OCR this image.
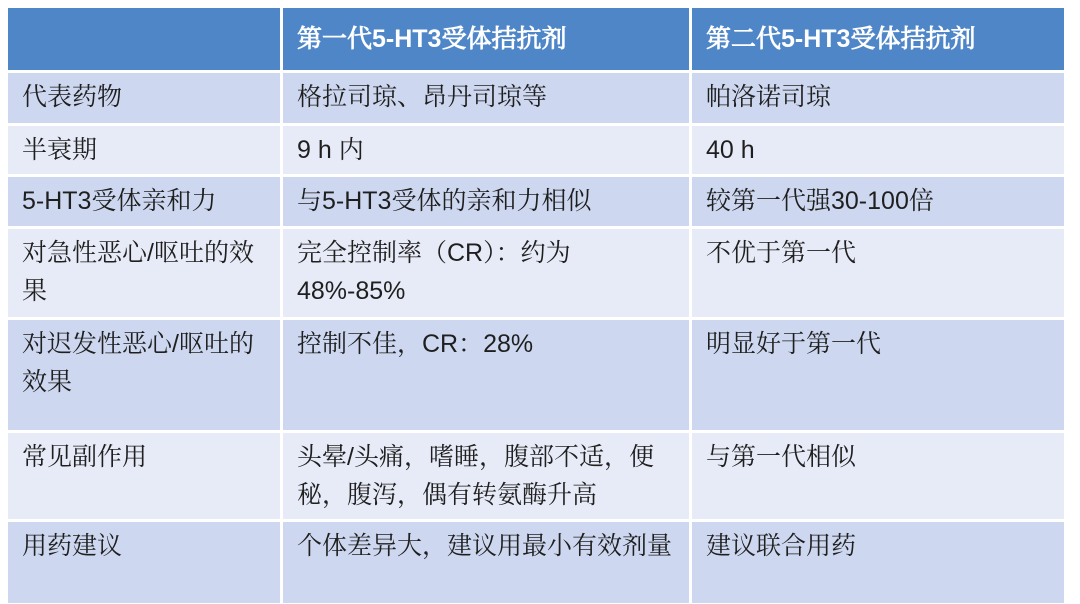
	第一代5-HT3受体拮抗剂	第二代5-HT3受体拮抗剂
代表药物	格拉司琼、昂丹司琼等	帕洛诺司琼
半衰期	9 h 内	40 h
5-HT3受体亲和力	与5-HT3受体的亲和力相似	较第一代强30-100倍
对急性恶心/呕吐的效果	完全控制率（CR）：约为48%-85%	不优于第一代
对迟发性恶心/呕吐的效果	控制不佳，CR：28%	明显好于第一代
常见副作用	头晕/头痛，嗜睡，腹部不适，便秘，腹泻，偶有转氨酶升高	与第一代相似
用药建议	个体差异大，建议用最小有效剂量	建议联合用药
